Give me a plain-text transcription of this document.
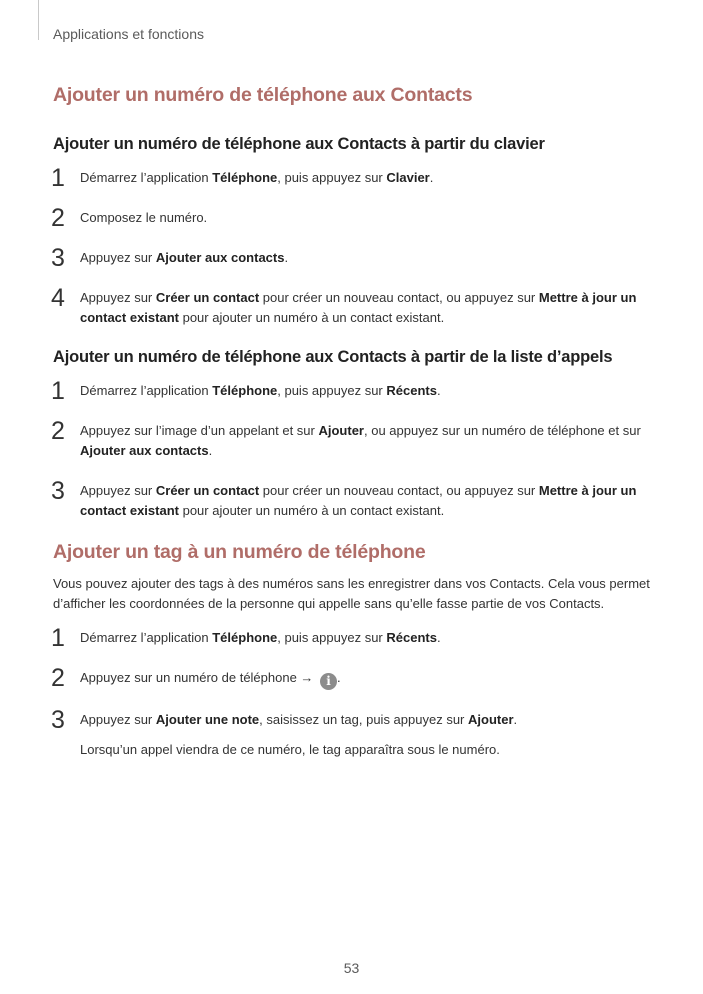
Applications et fonctions
Ajouter un numéro de téléphone aux Contacts
Ajouter un numéro de téléphone aux Contacts à partir du clavier
1 Démarrez l’application Téléphone, puis appuyez sur Clavier.
2 Composez le numéro.
3 Appuyez sur Ajouter aux contacts.
4 Appuyez sur Créer un contact pour créer un nouveau contact, ou appuyez sur Mettre à jour un contact existant pour ajouter un numéro à un contact existant.
Ajouter un numéro de téléphone aux Contacts à partir de la liste d’appels
1 Démarrez l’application Téléphone, puis appuyez sur Récents.
2 Appuyez sur l’image d’un appelant et sur Ajouter, ou appuyez sur un numéro de téléphone et sur Ajouter aux contacts.
3 Appuyez sur Créer un contact pour créer un nouveau contact, ou appuyez sur Mettre à jour un contact existant pour ajouter un numéro à un contact existant.
Ajouter un tag à un numéro de téléphone

Vous pouvez ajouter des tags à des numéros sans les enregistrer dans vos Contacts. Cela vous permet d’afficher les coordonnées de la personne qui appelle sans qu’elle fasse partie de vos Contacts.

1 Démarrez l’application Téléphone, puis appuyez sur Récents.
2 Appuyez sur un numéro de téléphone → i .
3 Appuyez sur Ajouter une note, saisissez un tag, puis appuyez sur Ajouter.
Lorsqu’un appel viendra de ce numéro, le tag apparaîtra sous le numéro.
53
